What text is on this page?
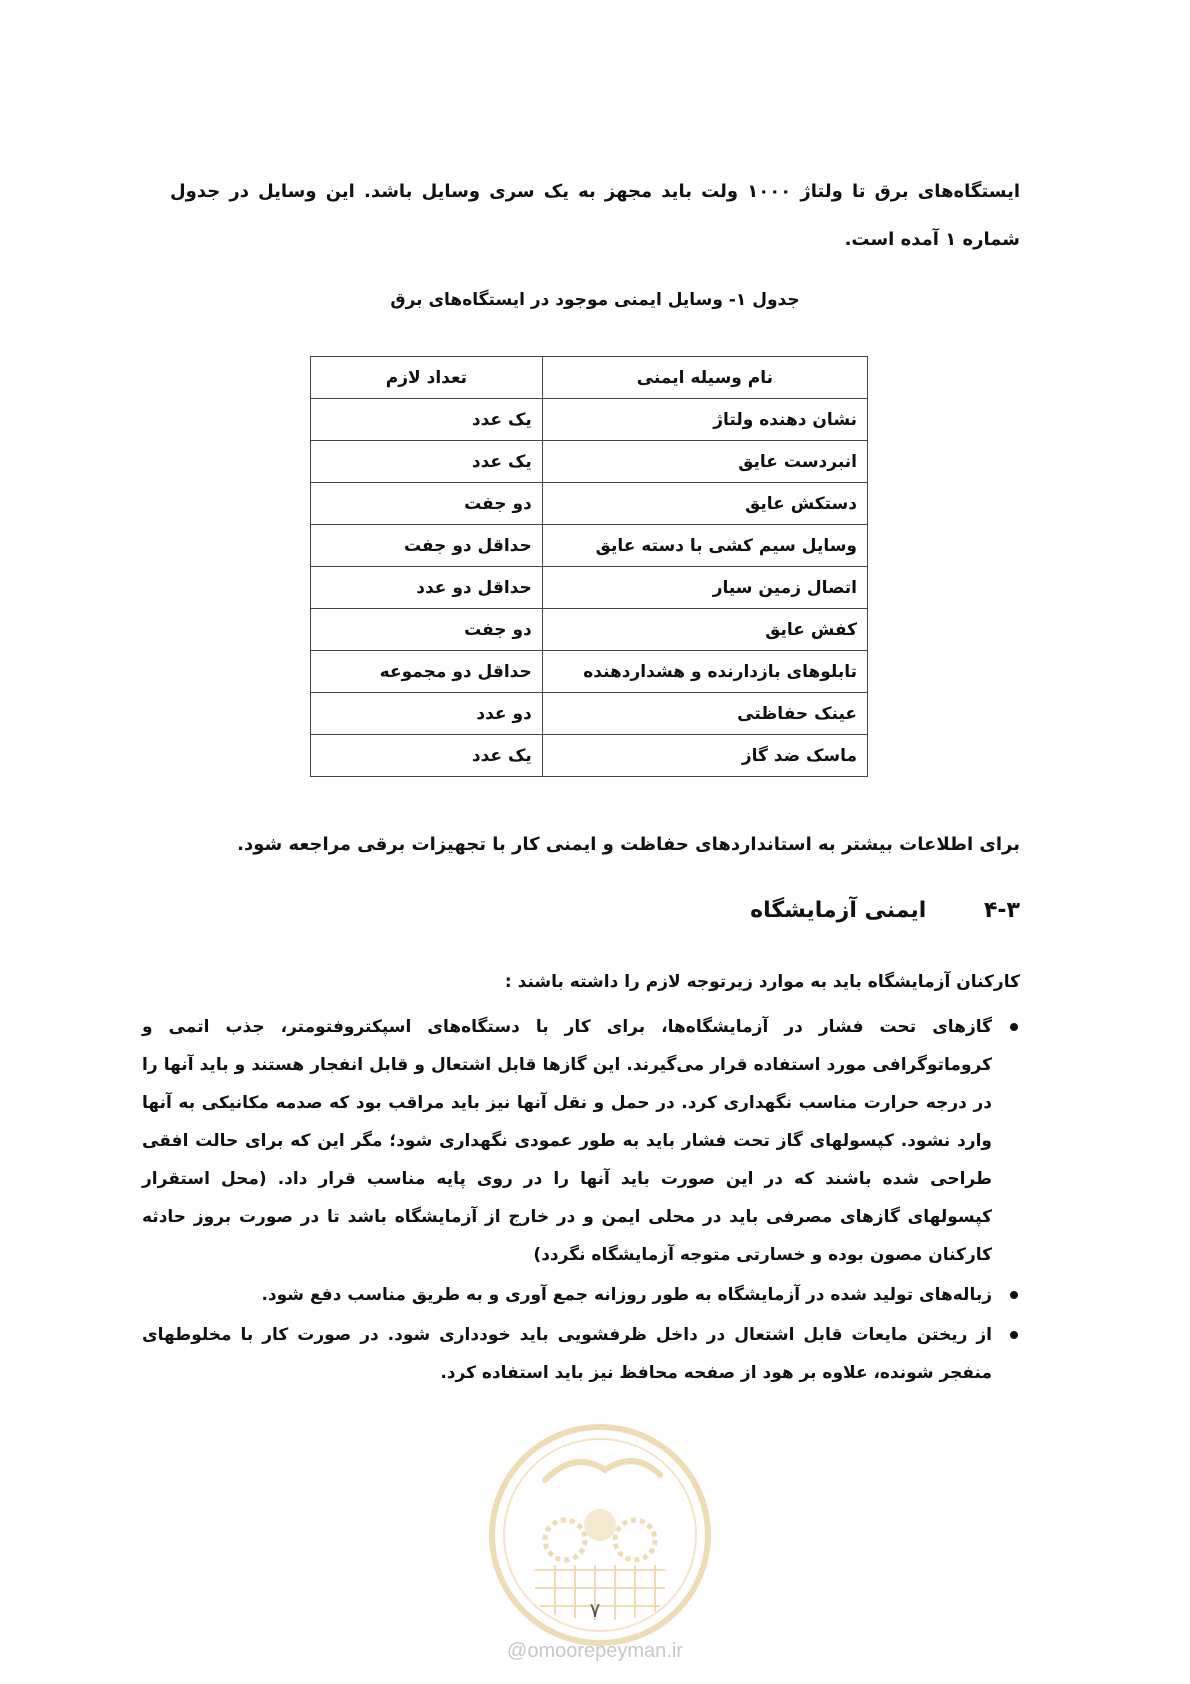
ایستگاه‌های برق تا ولتاژ ۱۰۰۰ ولت باید مجهز به یک سری وسایل باشد. این وسایل در جدول شماره ۱ آمده است.

جدول ۱- وسایل ایمنی موجود در ایستگاه‌های برق
نام وسیله ایمنی	تعداد لازم
نشان دهنده ولتاژ	یک عدد
انبردست عایق	یک عدد
دستکش عایق	دو جفت
وسایل سیم کشی با دسته عایق	حداقل دو جفت
اتصال زمین سیار	حداقل دو عدد
کفش عایق	دو جفت
تابلوهای بازدارنده و هشداردهنده	حداقل دو مجموعه
عینک حفاظتی	دو عدد
ماسک ضد گاز	یک عدد
برای اطلاعات بیشتر به استانداردهای حفاظت و ایمنی کار با تجهیزات برقی مراجعه شود.
۴-۳ ایمنی آزمایشگاه
کارکنان آزمایشگاه باید به موارد زیرتوجه لازم را داشته باشند :
گازهای تحت فشار در آزمایشگاه‌ها، برای کار با دستگاه‌های اسپکتروفتومتر، جذب اتمی و کروماتوگرافی مورد استفاده قرار می‌گیرند. این گازها قابل اشتعال و قابل انفجار هستند و باید آنها را در درجه حرارت مناسب نگهداری کرد. در حمل و نقل آنها نیز باید مراقب بود که صدمه مکانیکی به آنها وارد نشود. کپسولهای گاز تحت فشار باید به طور عمودی نگهداری شود؛ مگر این که برای حالت افقی طراحی شده باشند که در این صورت باید آنها را در روی پایه مناسب قرار داد. (محل استقرار کپسولهای گازهای مصرفی باید در محلی ایمن و در خارج از آزمایشگاه باشد تا در صورت بروز حادثه کارکنان مصون بوده و خسارتی متوجه آزمایشگاه نگردد)
زباله‌های تولید شده در آزمایشگاه به طور روزانه جمع آوری و به طریق مناسب دفع شود.
از ریختن مایعات قابل اشتعال در داخل ظرفشویی باید خودداری شود. در صورت کار با مخلوطهای منفجر شونده، علاوه بر هود از صفحه محافظ نیز باید استفاده کرد.
۷
@omoorepeyman.ir
